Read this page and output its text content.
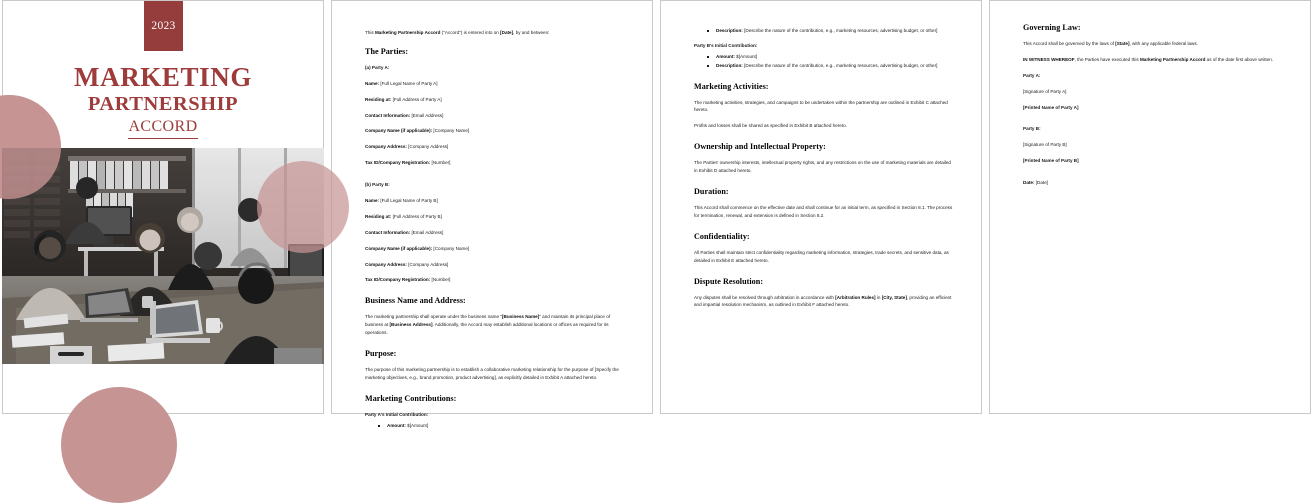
2023
MARKETING
PARTNERSHIP
ACCORD

This Marketing Partnership Accord ("Accord") is entered into on [Date], by and between:

The Parties:

(a) Party A:

Name: [Full Legal Name of Party A]

Residing at: [Full Address of Party A]

Contact Information: [Email Address]

Company Name (if applicable): [Company Name]

Company Address: [Company Address]

Tax ID/Company Registration: [Number]

(b) Party B:

Name: [Full Legal Name of Party B]

Residing at: [Full Address of Party B]

Contact Information: [Email Address]

Company Name (if applicable): [Company Name]

Company Address: [Company Address]

Tax ID/Company Registration: [Number]

Business Name and Address:

The marketing partnership shall operate under the business name "[Business Name]" and maintain its principal place of business at [Business Address]. Additionally, the Accord may establish additional locations or offices as required for its operations.

Purpose:

The purpose of this marketing partnership is to establish a collaborative marketing relationship for the purpose of [Specify the marketing objectives, e.g., brand promotion, product advertising], as explicitly detailed in Exhibit A attached hereto.

Marketing Contributions:

Party A's Initial Contribution:

Amount: $[Amount]
Description: [Describe the nature of the contribution, e.g., marketing resources, advertising budget, or other]

Party B's Initial Contribution:

Amount: $[Amount]
Description: [Describe the nature of the contribution, e.g., marketing resources, advertising budget, or other]
Marketing Activities:

The marketing activities, strategies, and campaigns to be undertaken within the partnership are outlined in Exhibit C attached hereto.

Profits and losses shall be shared as specified in Exhibit B attached hereto.

Ownership and Intellectual Property:

The Parties' ownership interests, intellectual property rights, and any restrictions on the use of marketing materials are detailed in Exhibit D attached hereto.

Duration:

This Accord shall commence on the effective date and shall continue for an initial term, as specified in Section 8.1. The process for termination, renewal, and extension is defined in Section 8.2.

Confidentiality:

All Parties shall maintain strict confidentiality regarding marketing information, strategies, trade secrets, and sensitive data, as detailed in Exhibit E attached hereto.

Dispute Resolution:

Any disputes shall be resolved through arbitration in accordance with [Arbitration Rules] in [City, State], providing an efficient and impartial resolution mechanism, as outlined in Exhibit F attached hereto.

Governing Law:

This Accord shall be governed by the laws of [State], with any applicable federal laws.

IN WITNESS WHEREOF, the Parties have executed this Marketing Partnership Accord as of the date first above written.

Party A:

[Signature of Party A]

[Printed Name of Party A]

Party B:

[Signature of Party B]

[Printed Name of Party B]

Date: [Date]
